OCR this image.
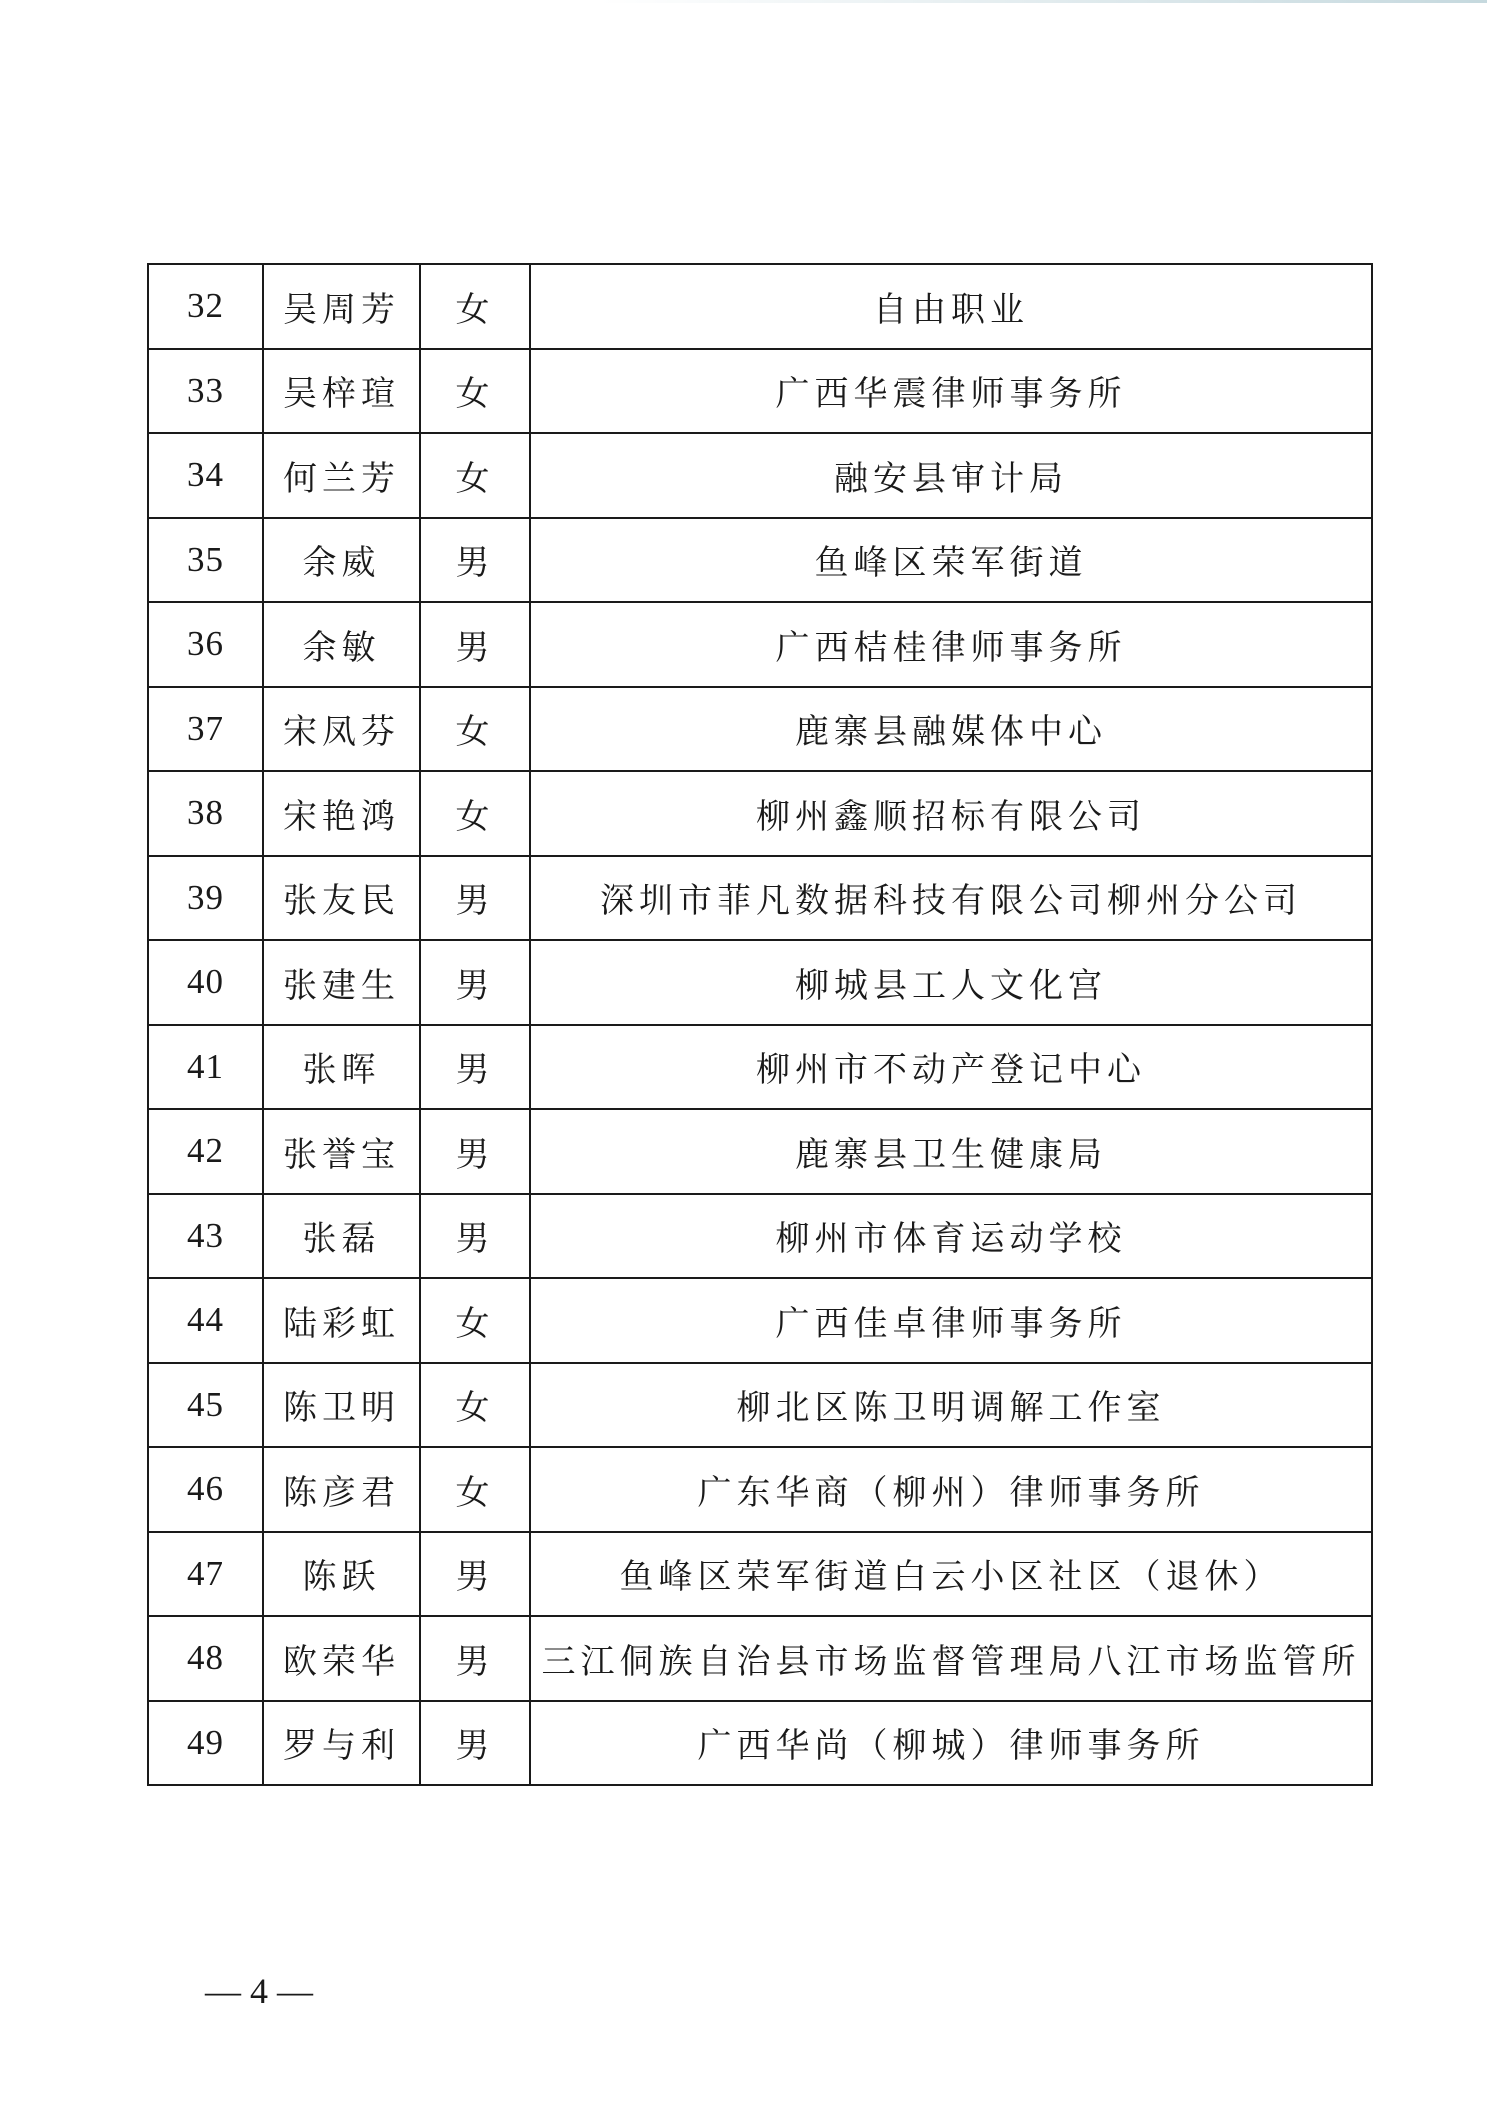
32	吴周芳	女	自由职业
33	吴梓瑄	女	广西华震律师事务所
34	何兰芳	女	融安县审计局
35	余威	男	鱼峰区荣军街道
36	余敏	男	广西桔桂律师事务所
37	宋凤芬	女	鹿寨县融媒体中心
38	宋艳鸿	女	柳州鑫顺招标有限公司
39	张友民	男	深圳市菲凡数据科技有限公司柳州分公司
40	张建生	男	柳城县工人文化宫
41	张晖	男	柳州市不动产登记中心
42	张誉宝	男	鹿寨县卫生健康局
43	张磊	男	柳州市体育运动学校
44	陆彩虹	女	广西佳卓律师事务所
45	陈卫明	女	柳北区陈卫明调解工作室
46	陈彦君	女	广东华商（柳州）律师事务所
47	陈跃	男	鱼峰区荣军街道白云小区社区（退休）
48	欧荣华	男	三江侗族自治县市场监督管理局八江市场监管所
49	罗与利	男	广西华尚（柳城）律师事务所
— 4 —
